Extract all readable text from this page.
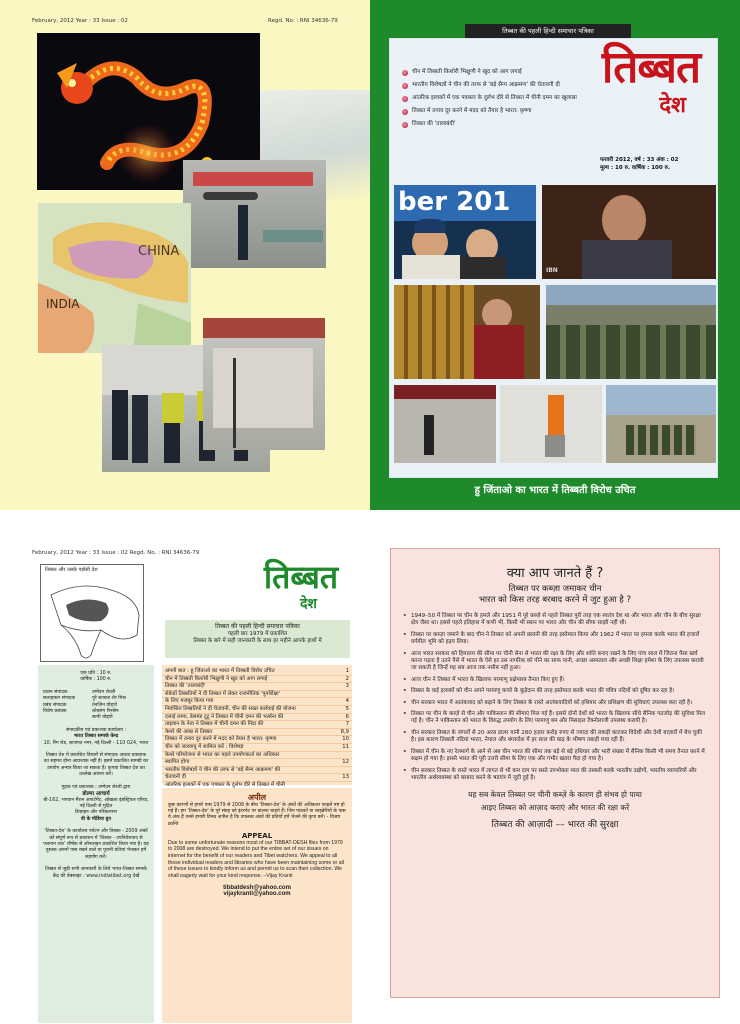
February, 2012 Year : 33 Issue : 02	Regd. No. : RNI 34636-79
CHINA
INDIA
तिब्बत की पहली हिन्दी समाचार पत्रिका
चीन में तिब्बती किशोरी भिक्षुणी ने खुद को आग लगाई
भारतीय विशेषज्ञों ने चीन की तरफ से 'बड़े सैन्य आक्रमण' की चेतावनी दी
आंतरिक इलाकों में एक पत्रकार के दुर्लभ दौरे से तिब्बत में चीनी दमन का खुलासा
तिब्बत में तनाव दूर करने में मदद को तैयार है भारत: कृष्णा
तिब्बत की 'तालाबंदी'
तिब्बत
देश
फरवरी 2012, वर्ष : 33 अंक : 02
मूल्य : 10 रु. वार्षिक : 100 रु.
ber 201
IBN
हु जिंताओ का भारत में तिब्बती विरोध उचित
February, 2012 Year : 33 Issue : 02 Regd. No. : RNI 34636-79
तिब्बत और उसके पड़ोसी देश	तिब्बत
देश
तिब्बत की पहली हिन्दी समाचार पत्रिका
पहली बार 1979 में प्रकाशित
तिब्बत के बारे में सही जानकारी के साथ हर महीने आपके हाथों में
एक प्रति : 10 रु.
वार्षिक : 100 रु.
प्रधान संपादक	उम्मेदन शेरली
सलाहकार संपादक	पुरे स्टाफ़ड शेर मिश्र
प्रबंध संपादक	तेनज़िन योड्पो
विशेष प्रबंधक	लोबसंग रिनछेन
सामी योड्पो
संपादकीय एवं प्रकाशक कार्यालय :
भारत तिब्बत सम्पर्क केन्द्र
10, रिंग रोड, लाजपत नगर, नई दिल्ली - 110 024, भारत
तिब्बत देश में प्रकाशित विचारों से संपादक अथवा प्रकाशक का सहमत होना आवश्यक नहीं है। इसमें प्रकाशित सामग्री का उपयोग अन्यत्र किया जा सकता है। कृपया तिब्बत देश का उल्लेख अवश्य करें।
मुद्रक एवं प्रकाशक : उम्मेदन शेरली द्वारा
डोल्मा आचार्य
बी-162, भगवान मैंशन अपार्टमेंट, ओखला इंडस्ट्रियल एरिया, नई दिल्ली से मुद्रित
डिज़ाइन और परिकल्पना
वी के मीडिया ग्रुप
'तिब्बत-देश' के कार्यालय पर्यटन और तिब्बत - 2009 अंकों को संपूर्ण रूप से प्रकाशन में 'तिब्बत - उपनिवेशवाद से पलायन तक' शीर्षक से ऑनलाइन प्रकाशित किया गया है। यह पुस्तक अपनों पास रखने वाले या पुरानी प्रतियां भेजकर हमें सहयोग करें।
तिब्बत से जुड़ी सभी जानकारी के लिये भारत-तिब्बत सम्पर्क केंद्र की वेबसाइट : www.indiatibet.org देखें
अपनी बात : हू जिंताओ का भारत में तिब्बती विरोध उचित	1
चीन में तिब्बती किशोरी भिक्षुणी ने खुद को आग लगाई	2
तिब्बत की 'तालाबंदी'	3
सेकेडों तिब्बतियों ने दी तिब्बत में लेकर राजनीतिक 'पुनर्शिक्षा'
के लिए मजबूर किया गया	4
निर्वासित तिब्बतियों ने दी चेतावनी, चीन की सख्त कार्रवाई की योजना	5
दलाई लामा, डेसमंड टूटू ने तिब्बत में चीनी दमन की भर्त्सना की	6
ताइवान के नेता ने तिब्बत में चीनी दमन की निंदा की	7
केमरे की आंख से तिब्बत	8,9
तिब्बत में तनाव दूर करने में मदद को तैयार है भारत: कृष्णा	10
चीन को जलवायु में शामिल करें : विशेषज्ञ	11
केमरे परियोजना से भारत का पहले उपयोगकर्ता का अधिकार
स्थापित होगा	12
भारतीय विशेषज्ञों ने चीन की तरफ से 'बड़े सैन्य आक्रमण' की
चेतावनी दी	13
आंतरिक इलाकों में एक पत्रकार के दुर्लभ दौरे से तिब्बत में चीनी
अपील
कुछ कारणों से हमारे पास 1979 से 2008 के बीच 'तिब्बत-देश' के अंकों की अधिकतर फाइलें नष्ट हो गई हैं। हम 'तिब्बत-देश' के पूरे संग्रह को इंटरनेट पर डालना चाहते हैं। जिन पाठकों या लाइब्रेरियों के पास ये अंक हैं उनसे हमारी विनम्र अपील है कि उपलब्ध अंकों की प्रतियाँ हमें भेजने की कृपा करें। - विजय क्रान्ति
APPEAL
Due to some unfortunate reasons most of our TIBBAT-DESH files from 1979 to 2008 are destroyed. We intend to put the entire set of our issues on internet for the benefit of our readers and Tibet watchers. We appeal to all those individual readers and libraries who have been maintaining some or all of these issues to kindly inform us and permit us to scan their collection. We shall eagerly wait for your kind response. –Vijay Kranti
tibbatdesh@yahoo.com
vijaykranti@yahoo.com
क्या आप जानते हैं ?
तिब्बत पर कब्ज़ा जमाकर चीन
भारत को किस तरह बरबाद करने में जुट हुआ है ?
• 1949–50 में तिब्बत पर चीन के हमले और 1951 में पूरे कब्ज़े से पहले तिब्बत पूरी तरह एक स्वतंत्र देश था और भारत और चीन के बीच सुरक्षा क्षेत्र जैसा था। इससे पहले इतिहास में कभी भी, किसी भी स्थान पर भारत और चीन की सीमा साझी नहीं थी।
• तिब्बत पर कब्ज़ा जमाने के बाद चीन ने तिब्बत को अपनी छावनी की तरह इस्तेमाल किया और 1962 में भारत पर हमला करके भारत की हजारों वर्गमील भूमि को हड़प लिया।
• आज भारत सरकार को हिमालय की सीमा पर चीनी सेना से भारत की रक्षा के लिए और शांति बनाए रखने के लिए पांच साल में जितना पैसा खर्च करना पड़ता है उतने पैसे में भारत के ऐसे हर उस नागरिक को पीने का साफ पानी, अच्छा अस्पताल और अच्छी शिक्षा हमेशा के लिए उपलब्ध करायी जा सकती है जिन्हें यह सब आज तक नसीब नहीं हुआ।
• आज चीन ने तिब्बत में भारत के खिलाफ परमाणु प्रक्षेपास्त्र तैनात किए हुए हैं।
• तिब्बत के कई इलाकों को चीन अपने परमाणु कचरे के कूड़ेदान की तरह इस्तेमाल करके भारत की पवित्र नदियों को दूषित कर रहा है।
• चीन सरकार भारत में आतंकवाद को बढ़ाने के लिए तिब्बत के रास्ते आतंकवादियों को हथियार और प्रशिक्षण की सुविधाएं उपलब्ध करा रही है।
• तिब्बत पर चीन के कब्ज़े से चीन और पाकिस्तान की सीमाएं मिल गई हैं। इससे दोनों देशों को भारत के खिलाफ सीधे सैनिक गठजोड़ की सुविधा मिल गई है। चीन ने पाकिस्तान को भारत के विरुद्ध उपयोग के लिए परमाणु बम और मिसाइल टैक्नोलाजी उपलब्ध करायी है।
• चीन सरकार तिब्बत के जंगलों से 20 अरब डालर यानी 280 हज़ार करोड़ रुपए से ज्यादा की लकड़ी काटकर विदेशी और देशी बाज़ारों में बेच चुकी है। इस कारण तिब्बती नदियां भारत, नेपाल और बंग्लादेश में हर साल की बाढ़ के भीषण तबाही मचा रही हैं।
• तिब्बत में चीन के नए रेलमार्ग के आने से अब चीन भारत की सीमा तक बड़े से बड़े हथियार और भारी संख्या में सैनिक किसी भी समय तैनात करने में सक्षम हो गया है। इससे भारत की पूरी उत्तरी सीमा के लिए एक और गंभीर खतरा पैदा हो गया है।
• चीन सरकार तिब्बत के रास्ते भारत में लागत से भी कम दाम पर सस्ते उपभोक्ता माल की तस्करी करके भारतीय उद्योगों, भारतीय व्यापारियों और भारतीय अर्थव्यवस्था को बरबाद करने के षडयंत्र में जुटी हुई है।
यह सब केवल तिब्बत पर चीनी कब्ज़े के कारण ही संभव हो पाया
आइए तिब्बत को आज़ाद कराएं और भारत की रक्षा करें
तिब्बत की आज़ादी –– भारत की सुरक्षा
